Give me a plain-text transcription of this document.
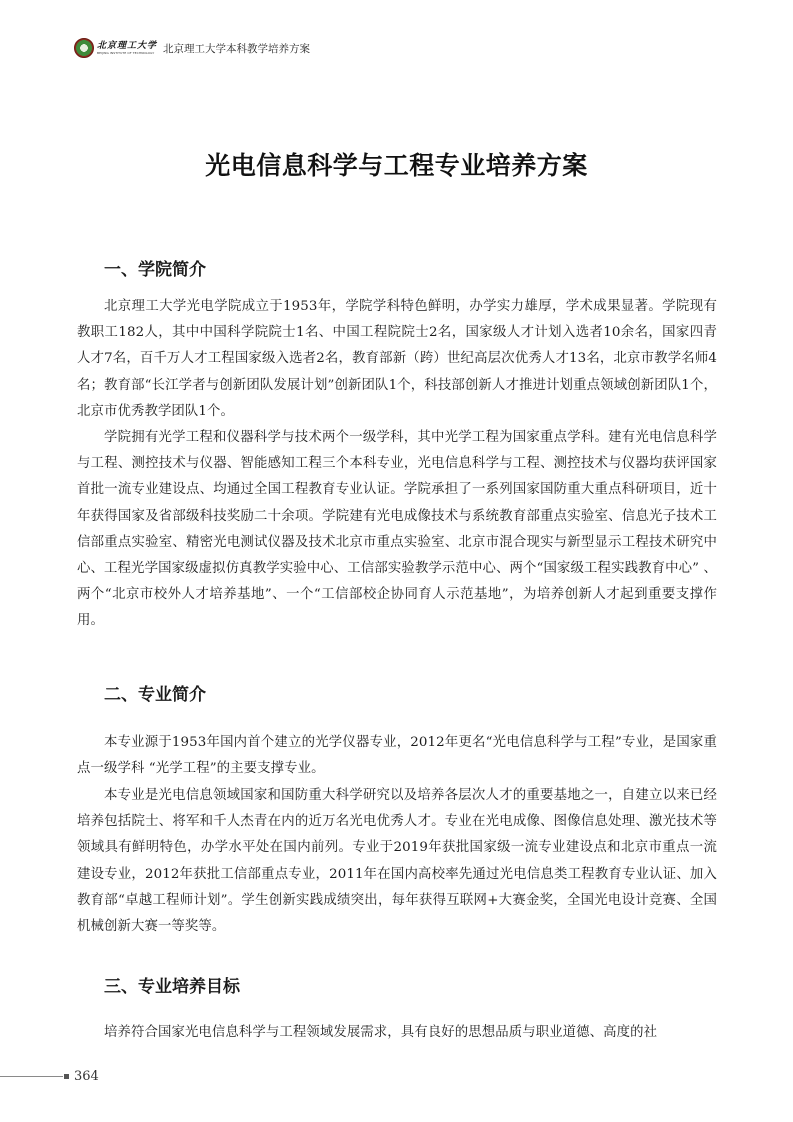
北京理工大学
BEIJING INSTITUTE OF TECHNOLOGY 北京理工大学本科教学培养方案
光电信息科学与工程专业培养方案
一、学院简介

北京理工大学光电学院成立于1953年，学院学科特色鲜明，办学实力雄厚，学术成果显著。学院现有教职工182人，其中中国科学院院士1名、中国工程院院士2名，国家级人才计划入选者10余名，国家四青人才7名，百千万人才工程国家级入选者2名，教育部新（跨）世纪高层次优秀人才13名，北京市教学名师4名；教育部“长江学者与创新团队发展计划”创新团队1个，科技部创新人才推进计划重点领域创新团队1个，北京市优秀教学团队1个。

学院拥有光学工程和仪器科学与技术两个一级学科，其中光学工程为国家重点学科。建有光电信息科学与工程、测控技术与仪器、智能感知工程三个本科专业，光电信息科学与工程、测控技术与仪器均获评国家首批一流专业建设点、均通过全国工程教育专业认证。学院承担了一系列国家国防重大重点科研项目，近十年获得国家及省部级科技奖励二十余项。学院建有光电成像技术与系统教育部重点实验室、信息光子技术工信部重点实验室、精密光电测试仪器及技术北京市重点实验室、北京市混合现实与新型显示工程技术研究中心、工程光学国家级虚拟仿真教学实验中心、工信部实验教学示范中心、两个“国家级工程实践教育中心” 、两个“北京市校外人才培养基地”、一个“工信部校企协同育人示范基地”，为培养创新人才起到重要支撑作用。

二、专业简介

本专业源于1953年国内首个建立的光学仪器专业，2012年更名“光电信息科学与工程”专业，是国家重点一级学科 “光学工程”的主要支撑专业。

本专业是光电信息领域国家和国防重大科学研究以及培养各层次人才的重要基地之一，自建立以来已经培养包括院士、将军和千人杰青在内的近万名光电优秀人才。专业在光电成像、图像信息处理、激光技术等领域具有鲜明特色，办学水平处在国内前列。专业于2019年获批国家级一流专业建设点和北京市重点一流建设专业，2012年获批工信部重点专业，2011年在国内高校率先通过光电信息类工程教育专业认证、加入教育部“卓越工程师计划”。学生创新实践成绩突出，每年获得互联网+大赛金奖，全国光电设计竞赛、全国机械创新大赛一等奖等。

三、专业培养目标

培养符合国家光电信息科学与工程领域发展需求，具有良好的思想品质与职业道德、高度的社

364
